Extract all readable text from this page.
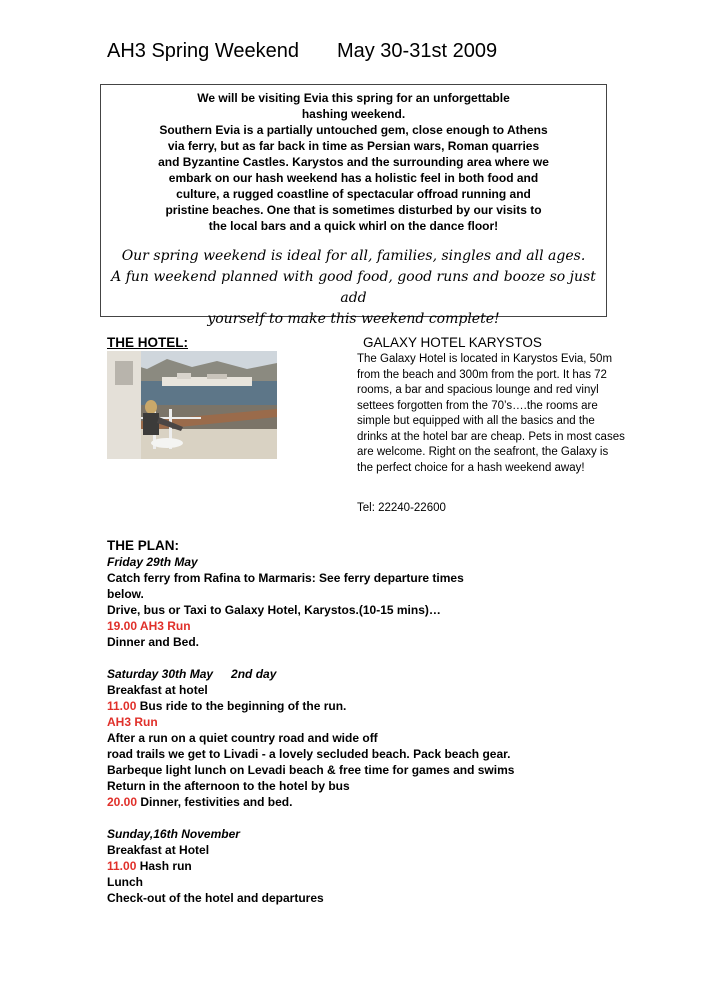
AH3 Spring Weekend May 30-31st 2009
We will be visiting Evia this spring for an unforgettable
hashing weekend.
Southern Evia is a partially untouched gem, close enough to Athens
via ferry, but as far back in time as Persian wars, Roman quarries
and Byzantine Castles. Karystos and the surrounding area where we
embark on our hash weekend has a holistic feel in both food and
culture, a rugged coastline of spectacular offroad running and
pristine beaches. One that is sometimes disturbed by our visits to
the local bars and a quick whirl on the dance floor!
Our spring weekend is ideal for all, families, singles and all ages.
A fun weekend planned with good food, good runs and booze so just add
yourself to make this weekend complete!
THE HOTEL:	GALAXY HOTEL KARYSTOS
The Galaxy Hotel is located in Karystos Evia, 50m from the beach and 300m from the port. It has 72 rooms, a bar and spacious lounge and red vinyl settees forgotten from the 70’s….the rooms are simple but equipped with all the basics and the drinks at the hotel bar are cheap. Pets in most cases are welcome. Right on the seafront, the Galaxy is the perfect choice for a hash weekend away!
Tel: 22240-22600
THE PLAN:
Friday 29th May
Catch ferry from Rafina to Marmaris: See ferry departure times
below.
Drive, bus or Taxi to Galaxy Hotel, Karystos.(10-15 mins)…
19.00 AH3 Run
Dinner and Bed.
Saturday 30th May 2nd day
Breakfast at hotel
11.00 Bus ride to the beginning of the run.
AH3 Run
After a run on a quiet country road and wide off
road trails we get to Livadi - a lovely secluded beach. Pack beach gear.
Barbeque light lunch on Levadi beach & free time for games and swims
Return in the afternoon to the hotel by bus
20.00 Dinner, festivities and bed.
Sunday,16th November
Breakfast at Hotel
11.00 Hash run
Lunch
Check-out of the hotel and departures
